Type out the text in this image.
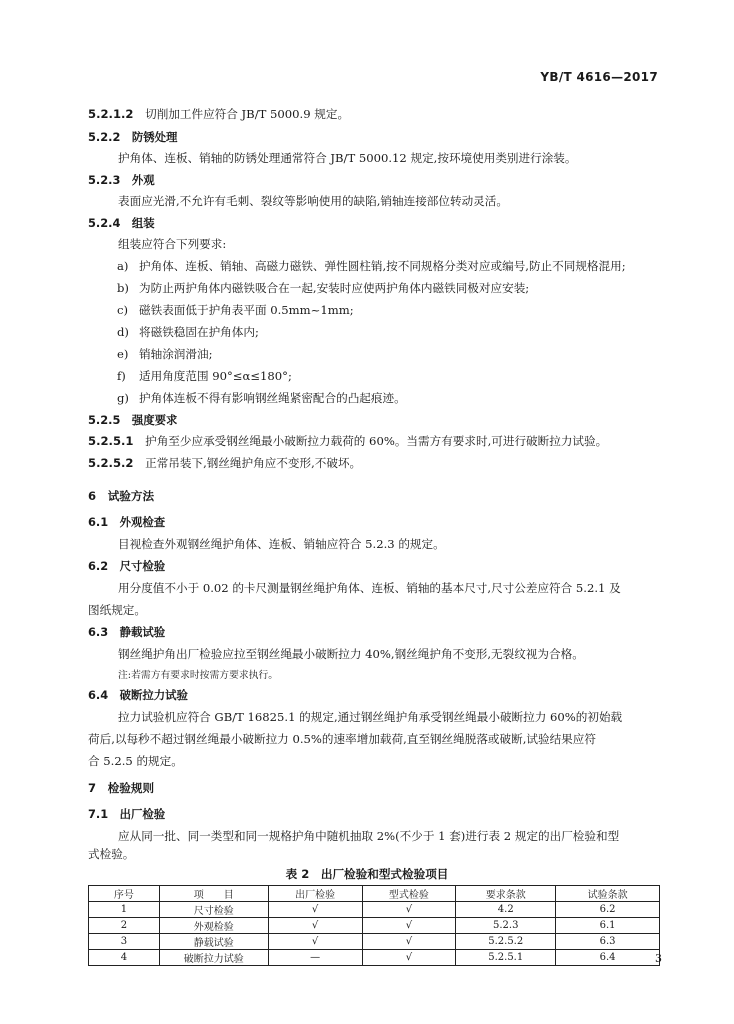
YB/T 4616—2017
5.2.1.2　 切削加工件应符合 JB/T 5000.9 规定。
5.2.2　 防锈处理
护角体、连板、销轴的防锈处理通常符合 JB/T 5000.12 规定,按环境使用类别进行涂装。
5.2.3　 外观
表面应光滑,不允许有毛刺、裂纹等影响使用的缺陷,销轴连接部位转动灵活。
5.2.4　 组装
组装应符合下列要求:
a) 护角体、连板、销轴、高磁力磁铁、弹性圆柱销,按不同规格分类对应或编号,防止不同规格混用;
b) 为防止两护角体内磁铁吸合在一起,安装时应使两护角体内磁铁同极对应安装;
c) 磁铁表面低于护角表平面 0.5mm~1mm;
d) 将磁铁稳固在护角体内;
e) 销轴涂润滑油;
f) 适用角度范围 90°≤α≤180°;
g) 护角体连板不得有影响钢丝绳紧密配合的凸起痕迹。
5.2.5　 强度要求
5.2.5.1　 护角至少应承受钢丝绳最小破断拉力载荷的 60%。当需方有要求时,可进行破断拉力试验。
5.2.5.2　 正常吊装下,钢丝绳护角应不变形,不破坏。
6　 试验方法
6.1　 外观检查
目视检查外观钢丝绳护角体、连板、销轴应符合 5.2.3 的规定。
6.2　 尺寸检验
用分度值不小于 0.02 的卡尺测量钢丝绳护角体、连板、销轴的基本尺寸,尺寸公差应符合 5.2.1 及
图纸规定。
6.3　 静载试验
钢丝绳护角出厂检验应拉至钢丝绳最小破断拉力 40%,钢丝绳护角不变形,无裂纹视为合格。
注:若需方有要求时按需方要求执行。
6.4　 破断拉力试验
拉力试验机应符合 GB/T 16825.1 的规定,通过钢丝绳护角承受钢丝绳最小破断拉力 60%的初始载
荷后,以每秒不超过钢丝绳最小破断拉力 0.5%的速率增加载荷,直至钢丝绳脱落或破断,试验结果应符
合 5.2.5 的规定。
7　 检验规则
7.1　 出厂检验
应从同一批、同一类型和同一规格护角中随机抽取 2%(不少于 1 套)进行表 2 规定的出厂检验和型
表 2　出厂检验和型式检验项目
式检验。
序号	项　　目	出厂检验	型式检验	要求条款	试验条款
1	尺寸检验	√	√	4.2	6.2
2	外观检验	√	√	5.2.3	6.1
3	静载试验	√	√	5.2.5.2	6.3
4	破断拉力试验	—	√	5.2.5.1	6.4	3
